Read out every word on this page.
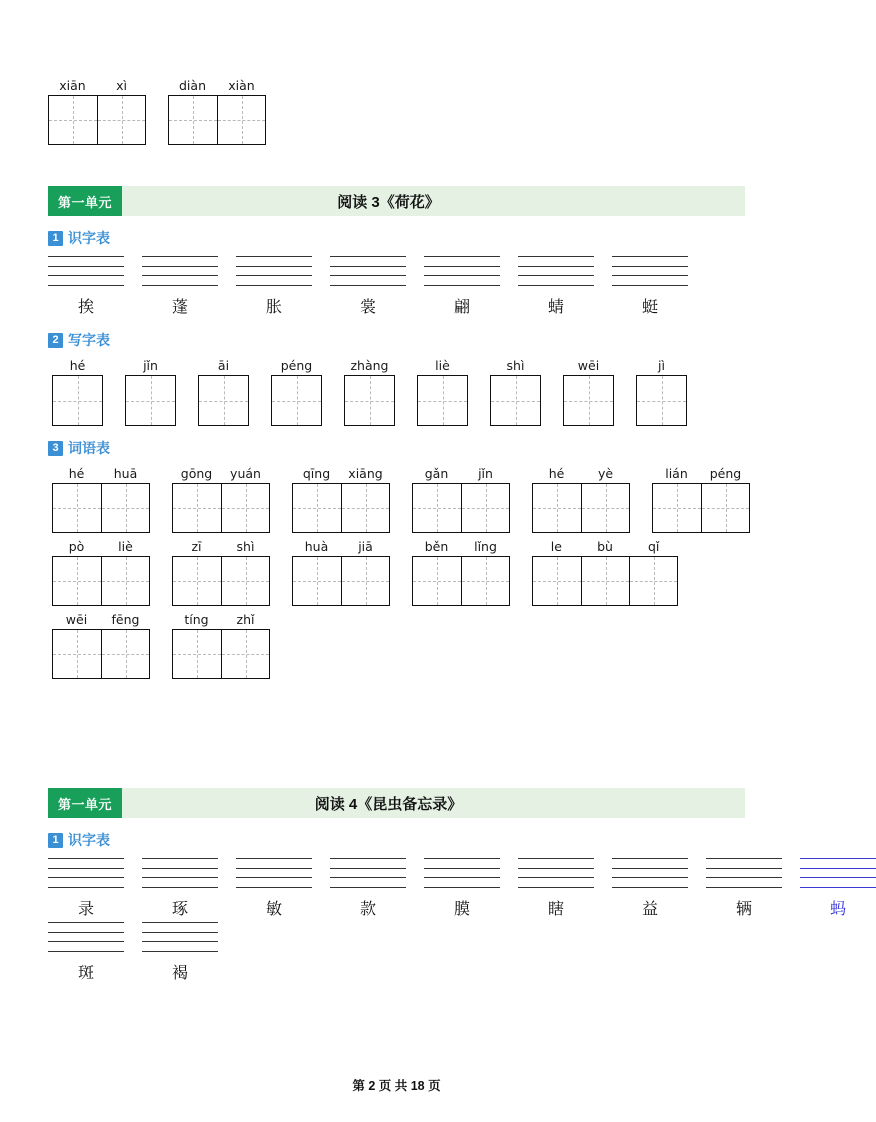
xiān	xì	diàn	xiàn
第一单元	阅读 3《荷花》
1 识字表
挨	蓬	胀	裳	翩	蜻	蜓
2 写字表
hé	jǐn	āi	péng	zhàng	liè	shì	wēi	jì
3 词语表
hé	huā	gōng	yuán	qīng	xiāng	gǎn	jǐn	hé	yè	lián	péng
pò	liè	zī	shì	huà	jiā	běn	lǐng	le	bù	qǐ
wēi	fēng	tíng	zhǐ
第一单元	阅读 4《昆虫备忘录》
1 识字表
录	琢	敏	款	膜	瞎	益	辆	蚂
斑	褐
第 2 页 共 18 页
